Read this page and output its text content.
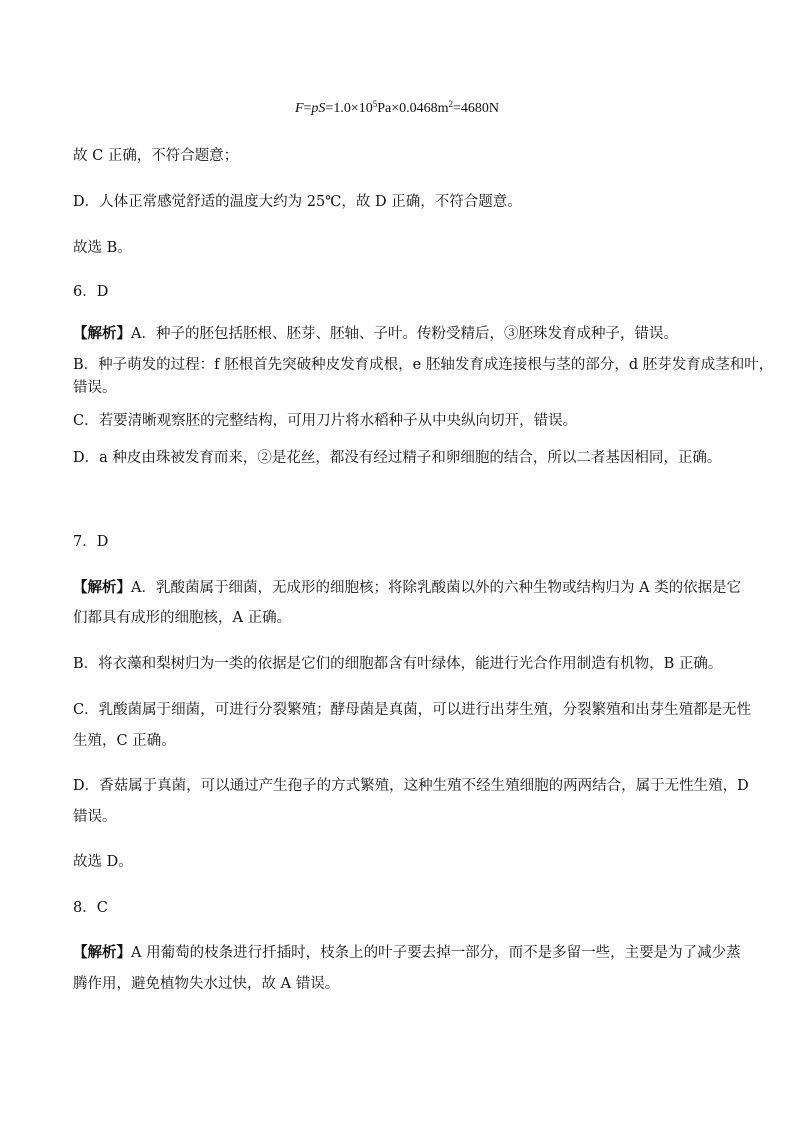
$F=pS=1.0\times 10^5Pa\times 0.0468m^2=4680N$
故 C 正确，不符合题意；
D．人体正常感觉舒适的温度大约为 25℃，故 D 正确，不符合题意。
故选 B。
6．D
【解析】A．种子的胚包括胚根、胚芽、胚轴、子叶。传粉受精后，③胚珠发育成种子，错误。
B．种子萌发的过程：f 胚根首先突破种皮发育成根，e 胚轴发育成连接根与茎的部分，d 胚芽发育成茎和叶，
错误。
C．若要清晰观察胚的完整结构，可用刀片将水稻种子从中央纵向切开，错误。
D．a 种皮由珠被发育而来，②是花丝，都没有经过精子和卵细胞的结合，所以二者基因相同，正确。
7．D
【解析】A．乳酸菌属于细菌，无成形的细胞核；将除乳酸菌以外的六种生物或结构归为 A 类的依据是它
们都具有成形的细胞核，A 正确。
B．将衣藻和梨树归为一类的依据是它们的细胞都含有叶绿体，能进行光合作用制造有机物，B 正确。
C．乳酸菌属于细菌，可进行分裂繁殖；酵母菌是真菌，可以进行出芽生殖，分裂繁殖和出芽生殖都是无性
生殖，C 正确。
D．香菇属于真菌，可以通过产生孢子的方式繁殖，这种生殖不经生殖细胞的两两结合，属于无性生殖，D
错误。
故选 D。
8．C
【解析】A 用葡萄的枝条进行扦插时，枝条上的叶子要去掉一部分，而不是多留一些，主要是为了减少蒸
腾作用，避免植物失水过快，故 A 错误。
